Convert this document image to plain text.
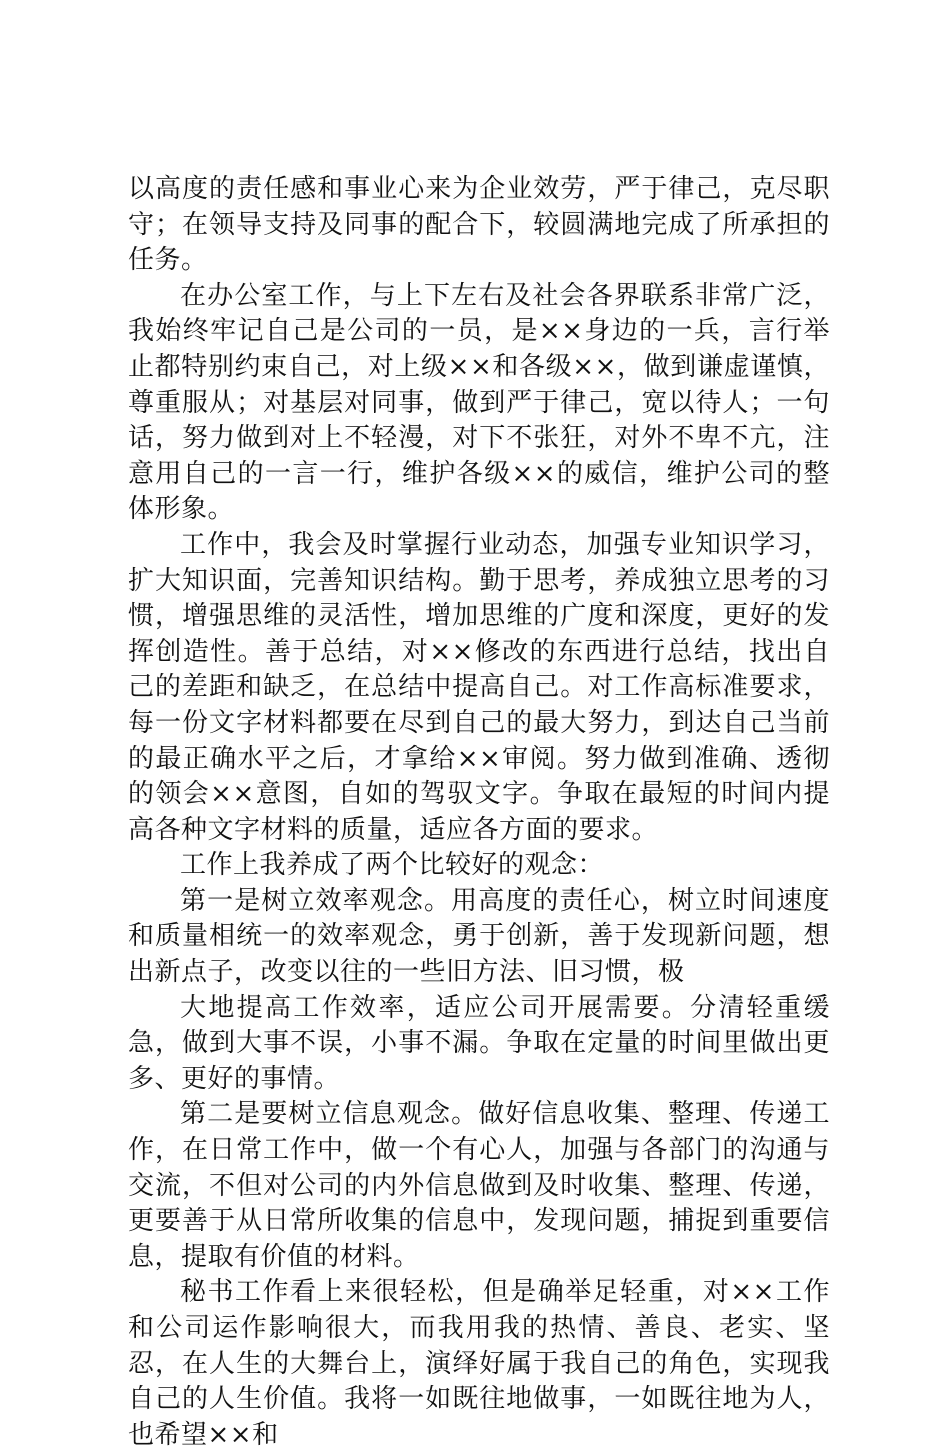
以高度的责任感和事业心来为企业效劳，严于律己，克尽职守；在领导支持及同事的配合下，较圆满地完成了所承担的任务。

在办公室工作，与上下左右及社会各界联系非常广泛，我始终牢记自己是公司的一员，是××身边的一兵，言行举止都特别约束自己，对上级××和各级××，做到谦虚谨慎，尊重服从；对基层对同事，做到严于律己，宽以待人；一句话，努力做到对上不轻漫，对下不张狂，对外不卑不亢，注意用自己的一言一行，维护各级××的威信，维护公司的整体形象。

工作中，我会及时掌握行业动态，加强专业知识学习，扩大知识面，完善知识结构。勤于思考，养成独立思考的习惯，增强思维的灵活性，增加思维的广度和深度，更好的发挥创造性。善于总结，对××修改的东西进行总结，找出自己的差距和缺乏，在总结中提高自己。对工作高标准要求，每一份文字材料都要在尽到自己的最大努力，到达自己当前的最正确水平之后，才拿给××审阅。努力做到准确、透彻的领会××意图，自如的驾驭文字。争取在最短的时间内提高各种文字材料的质量，适应各方面的要求。

工作上我养成了两个比较好的观念：

第一是树立效率观念。用高度的责任心，树立时间速度和质量相统一的效率观念，勇于创新，善于发现新问题，想出新点子，改变以往的一些旧方法、旧习惯，极

大地提高工作效率，适应公司开展需要。分清轻重缓急，做到大事不误，小事不漏。争取在定量的时间里做出更多、更好的事情。

第二是要树立信息观念。做好信息收集、整理、传递工作，在日常工作中，做一个有心人，加强与各部门的沟通与交流，不但对公司的内外信息做到及时收集、整理、传递，更要善于从日常所收集的信息中，发现问题，捕捉到重要信息，提取有价值的材料。

秘书工作看上来很轻松，但是确举足轻重，对××工作和公司运作影响很大，而我用我的热情、善良、老实、坚忍，在人生的大舞台上，演绎好属于我自己的角色，实现我自己的人生价值。我将一如既往地做事，一如既往地为人，也希望××和
